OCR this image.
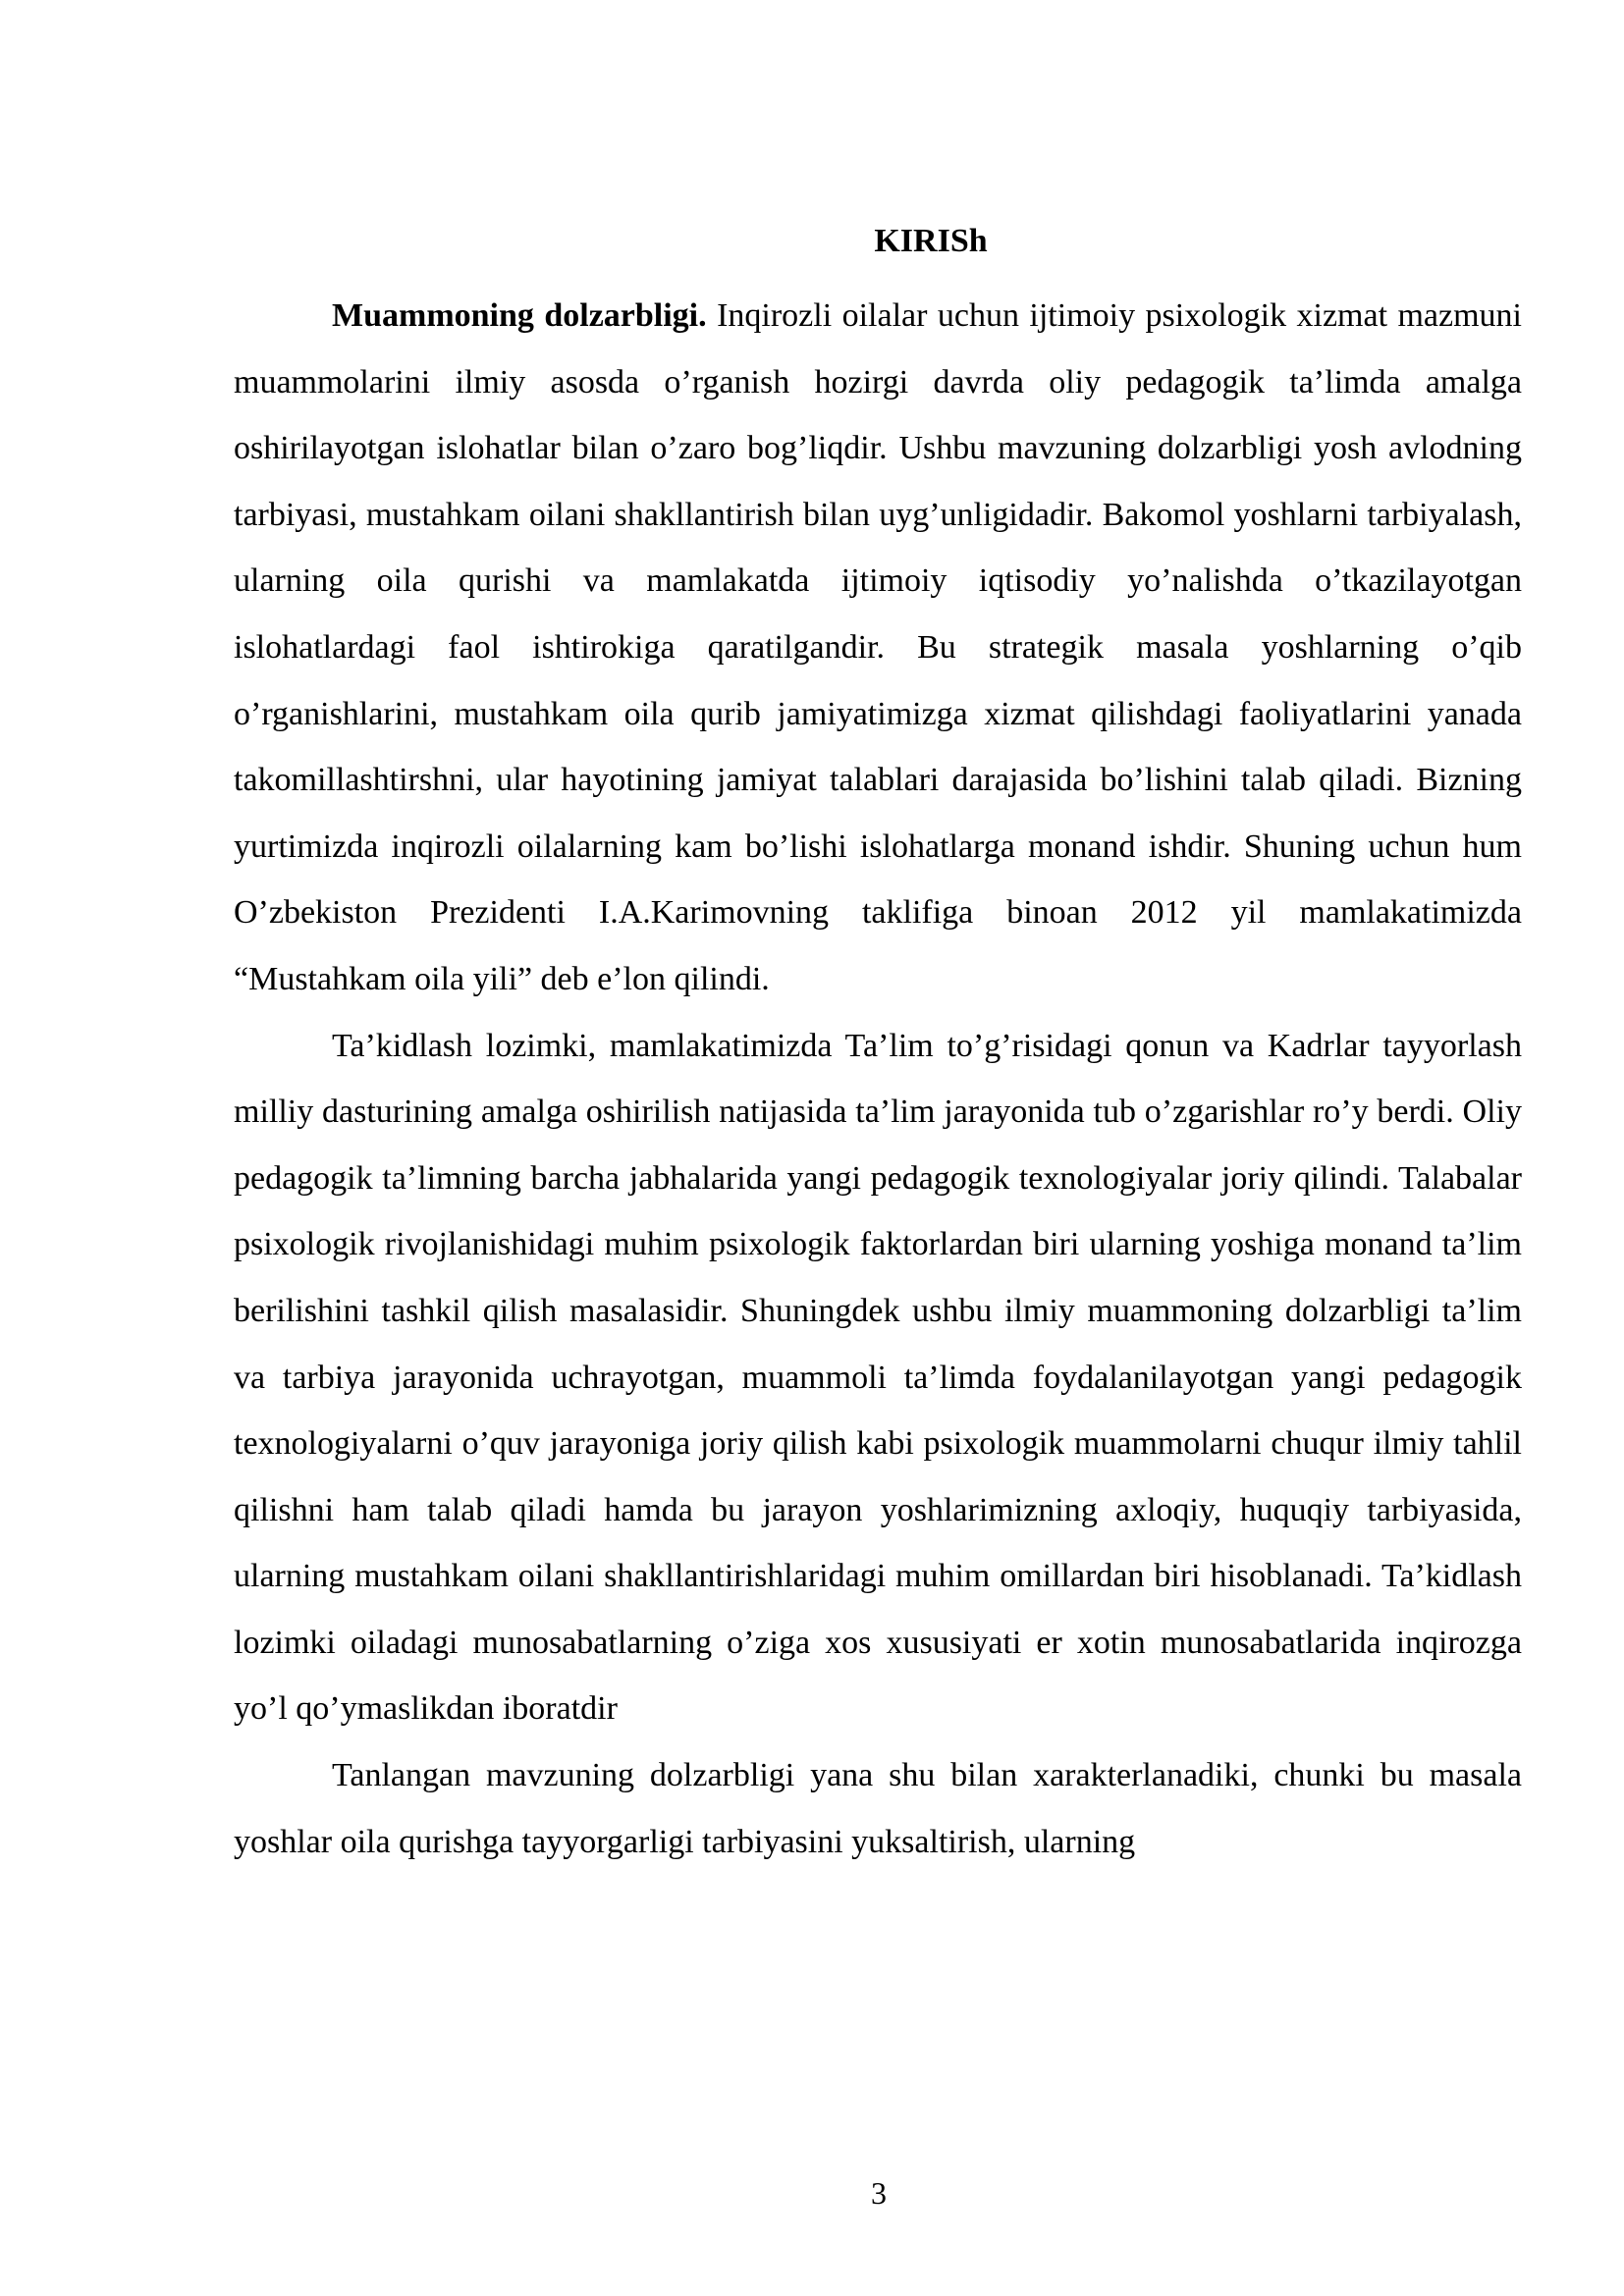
KIRISh

Muammoning dolzarbligi. Inqirozli oilalar uchun ijtimoiy psixologik xizmat mazmuni muammolarini ilmiy asosda o’rganish hozirgi davrda oliy pedagogik ta’limda amalga oshirilayotgan islohatlar bilan o’zaro bog’liqdir. Ushbu mavzuning dolzarbligi yosh avlodning tarbiyasi, mustahkam oilani shakllantirish bilan uyg’unligidadir. Bakomol yoshlarni tarbiyalash, ularning oila qurishi va mamlakatda ijtimoiy iqtisodiy yo’nalishda o’tkazilayotgan islohatlardagi faol ishtirokiga qaratilgandir. Bu strategik masala yoshlarning o’qib o’rganishlarini, mustahkam oila qurib jamiyatimizga xizmat qilishdagi faoliyatlarini yanada takomillashtirshni, ular hayotining jamiyat talablari darajasida bo’lishini talab qiladi. Bizning yurtimizda inqirozli oilalarning kam bo’lishi islohatlarga monand ishdir. Shuning uchun hum O’zbekiston Prezidenti I.A.Karimovning taklifiga binoan 2012 yil mamlakatimizda “Mustahkam oila yili” deb e’lon qilindi.

Ta’kidlash lozimki, mamlakatimizda Ta’lim to’g’risidagi qonun va Kadrlar tayyorlash milliy dasturining amalga oshirilish natijasida ta’lim jarayonida tub o’zgarishlar ro’y berdi. Oliy pedagogik ta’limning barcha jabhalarida yangi pedagogik texnologiyalar joriy qilindi. Talabalar psixologik rivojlanishidagi muhim psixologik faktorlardan biri ularning yoshiga monand ta’lim berilishini tashkil qilish masalasidir. Shuningdek ushbu ilmiy muammoning dolzarbligi ta’lim va tarbiya jarayonida uchrayotgan, muammoli ta’limda foydalanilayotgan yangi pedagogik texnologiyalarni o’quv jarayoniga joriy qilish kabi psixologik muammolarni chuqur ilmiy tahlil qilishni ham talab qiladi hamda bu jarayon yoshlarimizning axloqiy, huquqiy tarbiyasida, ularning mustahkam oilani shakllantirishlaridagi muhim omillardan biri hisoblanadi. Ta’kidlash lozimki oiladagi munosabatlarning o’ziga xos xususiyati er xotin munosabatlarida inqirozga yo’l qo’ymaslikdan iboratdir

Tanlangan mavzuning dolzarbligi yana shu bilan xarakterlanadiki, chunki bu masala yoshlar oila qurishga tayyorgarligi tarbiyasini yuksaltirish, ularning

3
